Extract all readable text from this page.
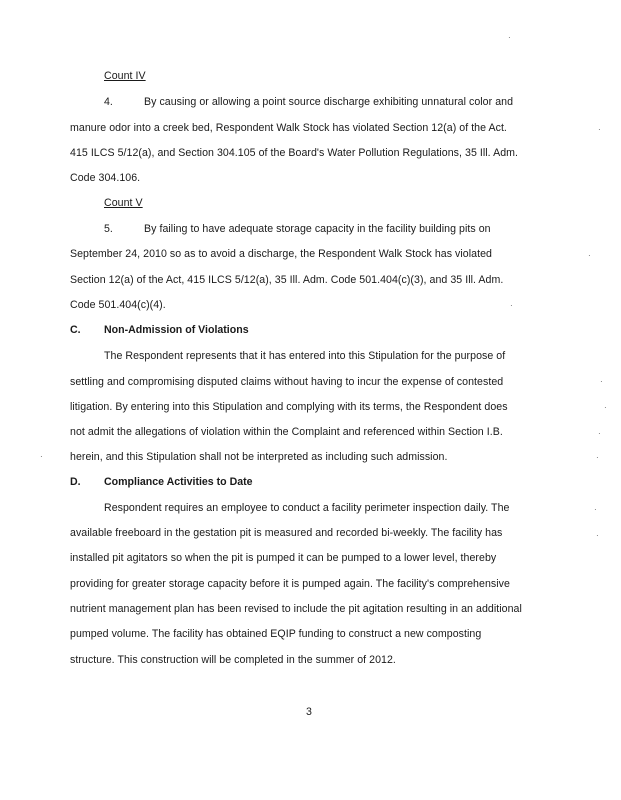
Count IV
4.	By causing or allowing a point source discharge exhibiting unnatural color and
manure odor into a creek bed, Respondent Walk Stock has violated Section 12(a) of the Act.
415 ILCS 5/12(a), and Section 304.105 of the Board's Water Pollution Regulations, 35 Ill. Adm.
Code 304.106.
Count V
5.	By failing to have adequate storage capacity in the facility building pits on
September 24, 2010 so as to avoid a discharge, the Respondent Walk Stock has violated
Section 12(a) of the Act, 415 ILCS 5/12(a), 35 Ill. Adm. Code 501.404(c)(3), and 35 Ill. Adm.
Code 501.404(c)(4).
C. Non-Admission of Violations
The Respondent represents that it has entered into this Stipulation for the purpose of
settling and compromising disputed claims without having to incur the expense of contested
litigation. By entering into this Stipulation and complying with its terms, the Respondent does
not admit the allegations of violation within the Complaint and referenced within Section I.B.
herein, and this Stipulation shall not be interpreted as including such admission.
D. Compliance Activities to Date
Respondent requires an employee to conduct a facility perimeter inspection daily. The
available freeboard in the gestation pit is measured and recorded bi-weekly. The facility has
installed pit agitators so when the pit is pumped it can be pumped to a lower level, thereby
providing for greater storage capacity before it is pumped again. The facility's comprehensive
nutrient management plan has been revised to include the pit agitation resulting in an additional
pumped volume. The facility has obtained EQIP funding to construct a new composting
structure. This construction will be completed in the summer of 2012.
3
·
·
·
·
·
·
·
·
·
·
·
